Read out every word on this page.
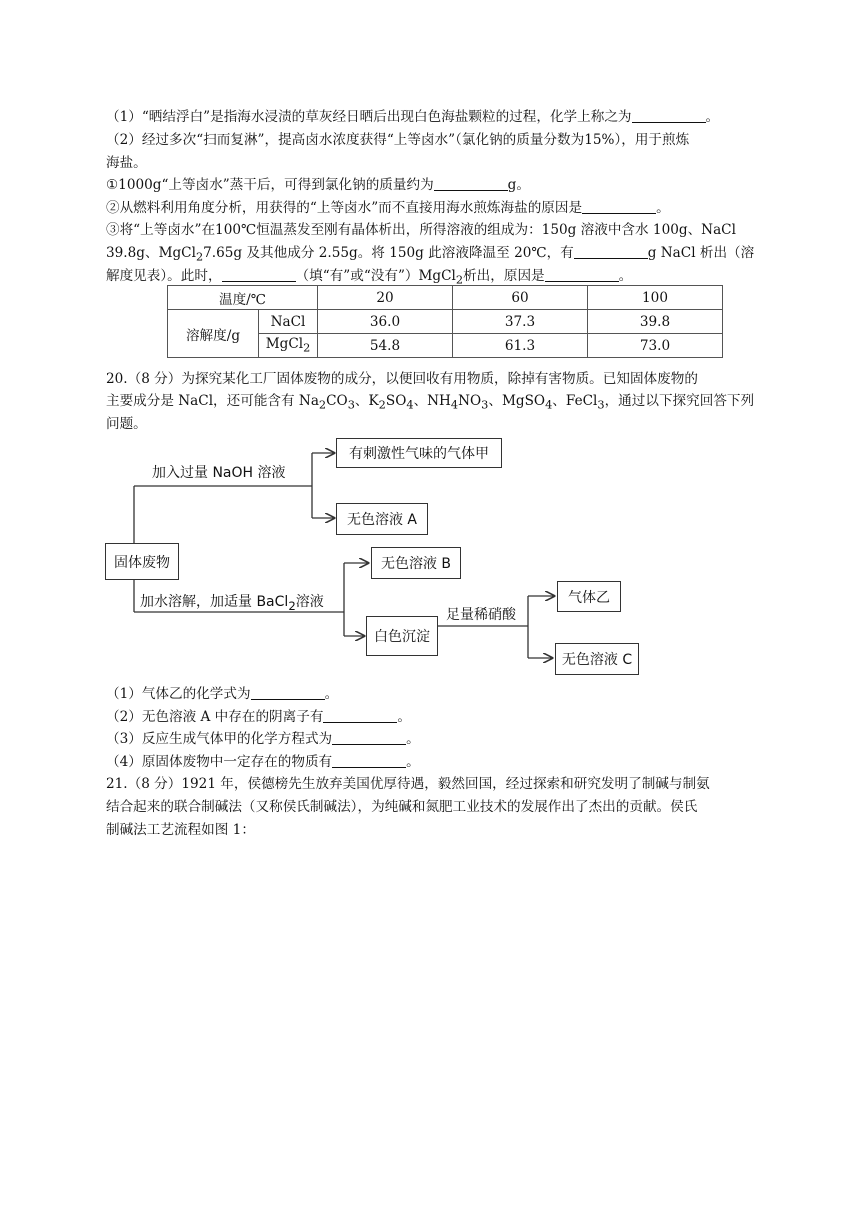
（1）“晒结浮白”是指海水浸渍的草灰经日晒后出现白色海盐颗粒的过程，化学上称之为	。
（2）经过多次“扫而复淋”，提高卤水浓度获得“上等卤水”（氯化钠的质量分数为15%），用于煎炼
海盐。
①1000g“上等卤水”蒸干后，可得到氯化钠的质量约为	g。
②从燃料利用角度分析，用获得的“上等卤水”而不直接用海水煎炼海盐的原因是	。
③将“上等卤水”在100℃恒温蒸发至刚有晶体析出，所得溶液的组成为：150g 溶液中含水 100g、NaCl
39.8g、MgCl$_2$7.65g 及其他成分 2.55g。将 150g 此溶液降温至 20℃，有	g NaCl 析出（溶
解度见表）。此时，	（填“有”或“没有”）MgCl$_2$析出，原因是	。
温度/℃		20	60	100
溶解度/g	NaCl	36.0	37.3	39.8
	MgCl$_2$	54.8	61.3	73.0
20.（8 分）为探究某化工厂固体废物的成分，以便回收有用物质，除掉有害物质。已知固体废物的
主要成分是 NaCl，还可能含有 $Na_2CO_3$、$K_2SO_4$、$NH_4NO_3$、MgSO$_4$、FeCl$_3$，通过以下探究回答下列
问题。
固体废物
加入过量 NaOH 溶液
有刺激性气味的气体甲
无色溶液 A
加水溶解，加适量 BaCl$_2$溶液
无色溶液 B
白色沉淀
足量稀硝酸
气体乙
无色溶液 C
（1）气体乙的化学式为	。
（2）无色溶液 A 中存在的阴离子有	。
（3）反应生成气体甲的化学方程式为	。
（4）原固体废物中一定存在的物质有	。
21.（8 分）1921 年，侯德榜先生放弃美国优厚待遇，毅然回国，经过探索和研究发明了制碱与制氨
结合起来的联合制碱法（又称侯氏制碱法），为纯碱和氮肥工业技术的发展作出了杰出的贡献。侯氏
制碱法工艺流程如图 1：
